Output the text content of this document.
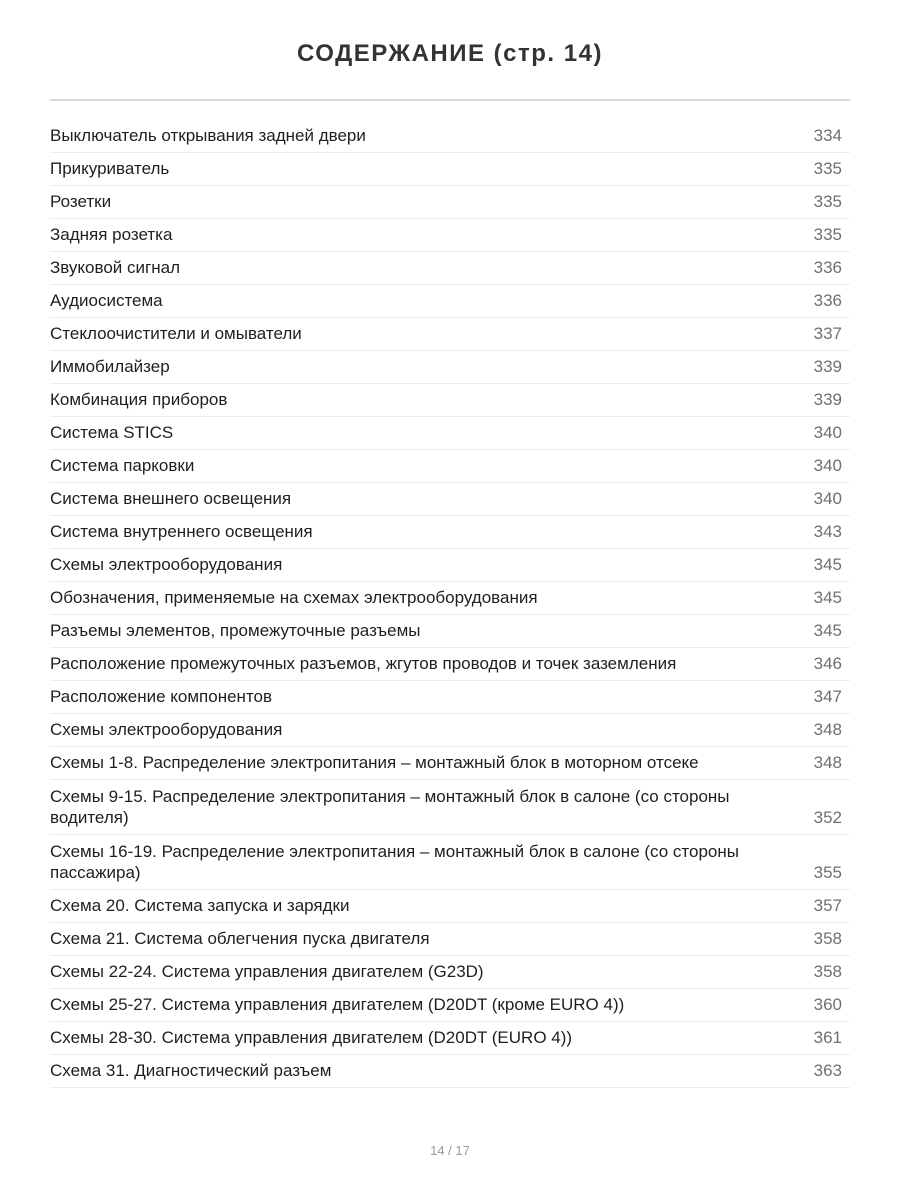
СОДЕРЖАНИЕ (стр. 14)
Выключатель открывания задней двери	334
Прикуриватель	335
Розетки	335
Задняя розетка	335
Звуковой сигнал	336
Аудиосистема	336
Стеклоочистители и омыватели	337
Иммобилайзер	339
Комбинация приборов	339
Система STICS	340
Система парковки	340
Система внешнего освещения	340
Система внутреннего освещения	343
Схемы электрооборудования	345
Обозначения, применяемые на схемах электрооборудования	345
Разъемы элементов, промежуточные разъемы	345
Расположение промежуточных разъемов, жгутов проводов и точек заземления	346
Расположение компонентов	347
Схемы электрооборудования	348
Схемы 1-8. Распределение электропитания – монтажный блок в моторном отсеке	348
Схемы 9-15. Распределение электропитания – монтажный блок в салоне (со стороны водителя)	352
Схемы 16-19. Распределение электропитания – монтажный блок в салоне (со стороны пассажира)	355
Схема 20. Система запуска и зарядки	357
Схема 21. Система облегчения пуска двигателя	358
Схемы 22-24. Система управления двигателем (G23D)	358
Схемы 25-27. Система управления двигателем (D20DT (кроме EURO 4))	360
Схемы 28-30. Система управления двигателем (D20DT (EURO 4))	361
Схема 31. Диагностический разъем	363
14 / 17
